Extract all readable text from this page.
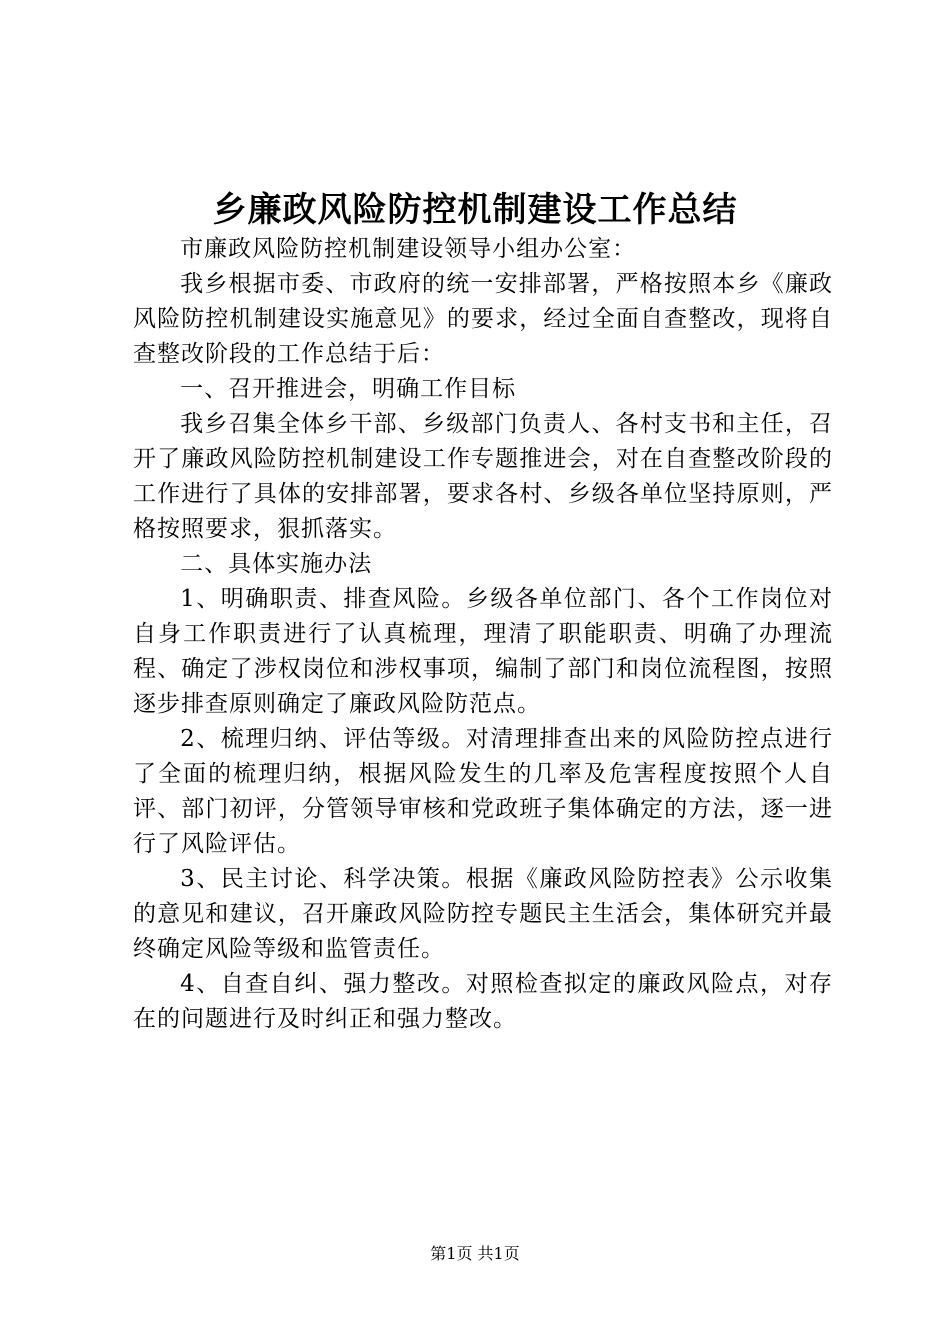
乡廉政风险防控机制建设工作总结

市廉政风险防控机制建设领导小组办公室：

我乡根据市委、市政府的统一安排部署，严格按照本乡《廉政风险防控机制建设实施意见》的要求，经过全面自查整改，现将自查整改阶段的工作总结于后：

一、召开推进会，明确工作目标

我乡召集全体乡干部、乡级部门负责人、各村支书和主任，召开了廉政风险防控机制建设工作专题推进会，对在自查整改阶段的工作进行了具体的安排部署，要求各村、乡级各单位坚持原则，严格按照要求，狠抓落实。

二、具体实施办法

1、明确职责、排查风险。乡级各单位部门、各个工作岗位对自身工作职责进行了认真梳理，理清了职能职责、明确了办理流程、确定了涉权岗位和涉权事项，编制了部门和岗位流程图，按照逐步排查原则确定了廉政风险防范点。

2、梳理归纳、评估等级。对清理排查出来的风险防控点进行了全面的梳理归纳，根据风险发生的几率及危害程度按照个人自评、部门初评，分管领导审核和党政班子集体确定的方法，逐一进行了风险评估。

3、民主讨论、科学决策。根据《廉政风险防控表》公示收集的意见和建议，召开廉政风险防控专题民主生活会，集体研究并最终确定风险等级和监管责任。

4、自查自纠、强力整改。对照检查拟定的廉政风险点，对存在的问题进行及时纠正和强力整改。

第1页 共1页
